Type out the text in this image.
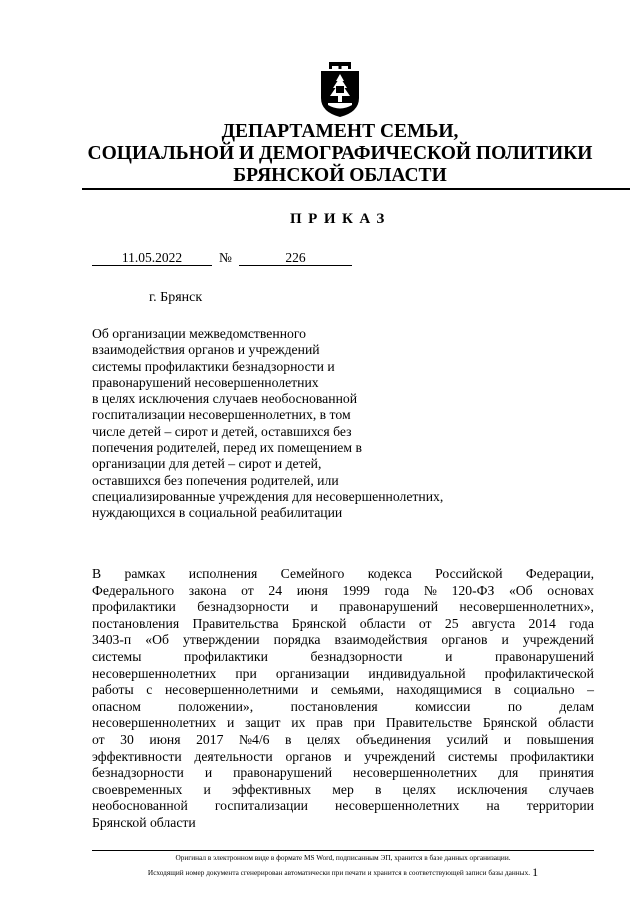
ДЕПАРТАМЕНТ СЕМЬИ,
СОЦИАЛЬНОЙ И ДЕМОГРАФИЧЕСКОЙ ПОЛИТИКИ
БРЯНСКОЙ ОБЛАСТИ
ПРИКАЗ
11.05.2022	№	226
г. Брянск
Об организации межведомственного
взаимодействия органов и учреждений
системы профилактики безнадзорности и
правонарушений несовершеннолетних
в целях исключения случаев необоснованной
госпитализации несовершеннолетних, в том
числе детей – сирот и детей, оставшихся без
попечения родителей, перед их помещением в
организации для детей – сирот и детей,
оставшихся без попечения родителей, или
специализированные учреждения для несовершеннолетних,
нуждающихся в социальной реабилитации
В рамках исполнения Семейного кодекса Российской Федерации,
Федерального закона от 24 июня 1999 года № 120-ФЗ «Об основах
профилактики безнадзорности и правонарушений несовершеннолетних»,
постановления Правительства Брянской области от 25 августа 2014 года
3403-п «Об утверждении порядка взаимодействия органов и учреждений
системы	профилактики	безнадзорности	и	правонарушений
несовершеннолетних при организации индивидуальной профилактической
работы с несовершеннолетними и семьями, находящимися в социально –
опасном	положении»,	постановления	комиссии	по	делам
несовершеннолетних и защит их прав при Правительстве Брянской области
от 30 июня 2017 №4/6 в целях объединения усилий и повышения
эффективности деятельности органов и учреждений системы профилактики
безнадзорности и правонарушений несовершеннолетних для принятия
своевременных и эффективных мер в целях исключения случаев
необоснованной госпитализации несовершеннолетних на территории
Брянской области
Оригинал в электронном виде в формате MS Word, подписанным ЭП, хранится в базе данных организации.
Исходящий номер документа сгенерирован автоматически при печати и хранится в соответствующей записи базы данных. 1
